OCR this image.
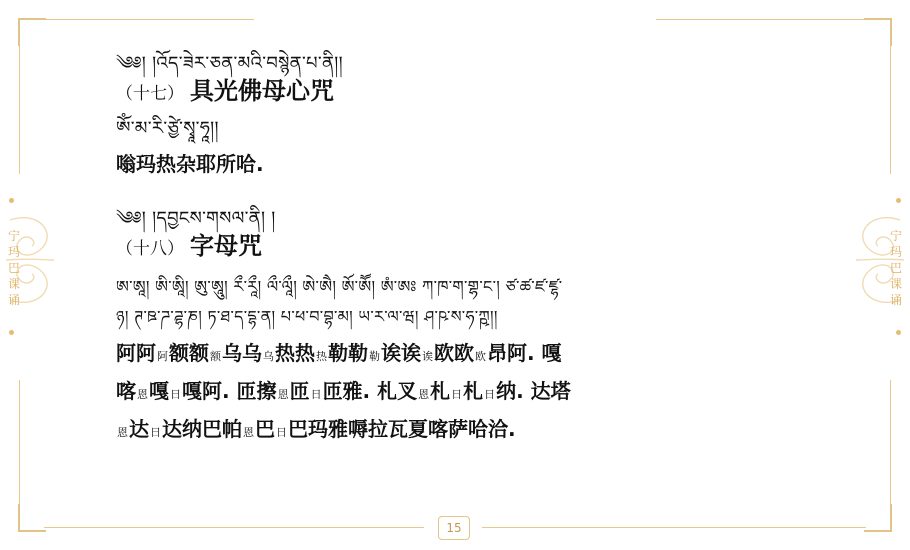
宁玛巴课诵
宁玛巴课诵
༄༅། །འོད་ཟེར་ཅན་མའི་བསྙེན་པ་ནི།།
（十七） 具光佛母心咒
ཨོཾ་མ་རི་ཙྱེ་སྭཱ་ཧཱ།།
嗡玛热杂耶所哈.
༄༅། །དབྱངས་གསལ་ནི། །
（十八） 字母咒
ཨ་ཨཱ། ཨི་ཨཱི། ཨུ་ཨཱུ། རྀ་རཱྀ། ལྀ་ལཱྀ། ཨེ་ཨཻ། ཨོ་ཨཽ། ཨཾ་ཨཿ ཀ་ཁ་ག་གྷ་ང་། ཙ་ཚ་ཛ་ཛྷ་
ཉ། ཊ་ཋ་ཌ་ཌྷ་ཎ། ཏ་ཐ་ད་དྷ་ན། པ་ཕ་བ་བྷ་མ། ཡ་ར་ལ་ཝ། ཤ་ཥ་ས་ཧ་ཀྵ།།
阿阿阿额额额乌乌乌热热热勒勒勒诶诶诶欧欧欧昂阿. 嘎
喀恩嘎日嘎阿. 匝擦恩匝日匝雅. 札叉恩札日札日纳. 达塔
恩达日达纳巴帕恩巴日巴玛雅嗕拉瓦夏喀萨哈洽.
15
